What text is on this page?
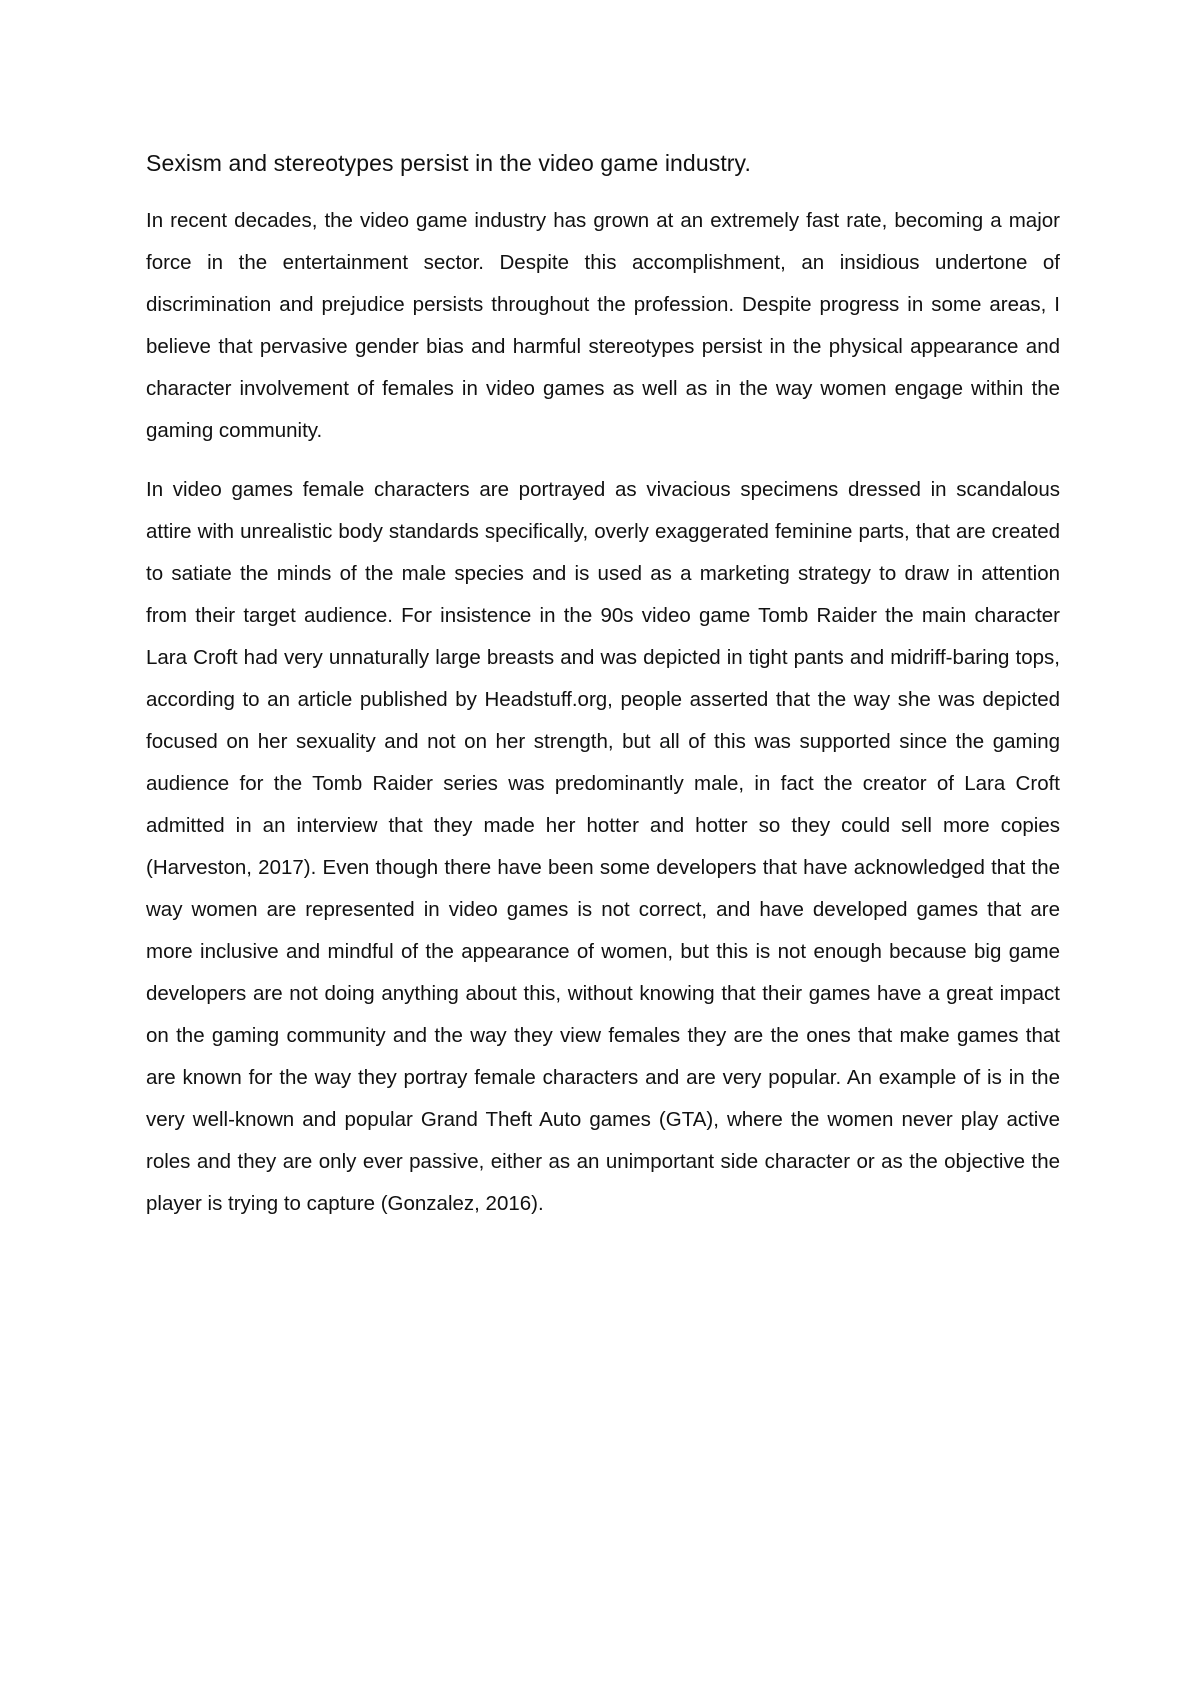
Sexism and stereotypes persist in the video game industry.

In recent decades, the video game industry has grown at an extremely fast rate, becoming a major force in the entertainment sector. Despite this accomplishment, an insidious undertone of discrimination and prejudice persists throughout the profession. Despite progress in some areas, I believe that pervasive gender bias and harmful stereotypes persist in the physical appearance and character involvement of females in video games as well as in the way women engage within the gaming community.

In video games female characters are portrayed as vivacious specimens dressed in scandalous attire with unrealistic body standards specifically, overly exaggerated feminine parts, that are created to satiate the minds of the male species and is used as a marketing strategy to draw in attention from their target audience. For insistence in the 90s video game Tomb Raider the main character Lara Croft had very unnaturally large breasts and was depicted in tight pants and midriff-baring tops, according to an article published by Headstuff.org, people asserted that the way she was depicted focused on her sexuality and not on her strength, but all of this was supported since the gaming audience for the Tomb Raider series was predominantly male, in fact the creator of Lara Croft admitted in an interview that they made her hotter and hotter so they could sell more copies (Harveston, 2017). Even though there have been some developers that have acknowledged that the way women are represented in video games is not correct, and have developed games that are more inclusive and mindful of the appearance of women, but this is not enough because big game developers are not doing anything about this, without knowing that their games have a great impact on the gaming community and the way they view females they are the ones that make games that are known for the way they portray female characters and are very popular. An example of is in the very well-known and popular Grand Theft Auto games (GTA), where the women never play active roles and they are only ever passive, either as an unimportant side character or as the objective the player is trying to capture (Gonzalez, 2016).
